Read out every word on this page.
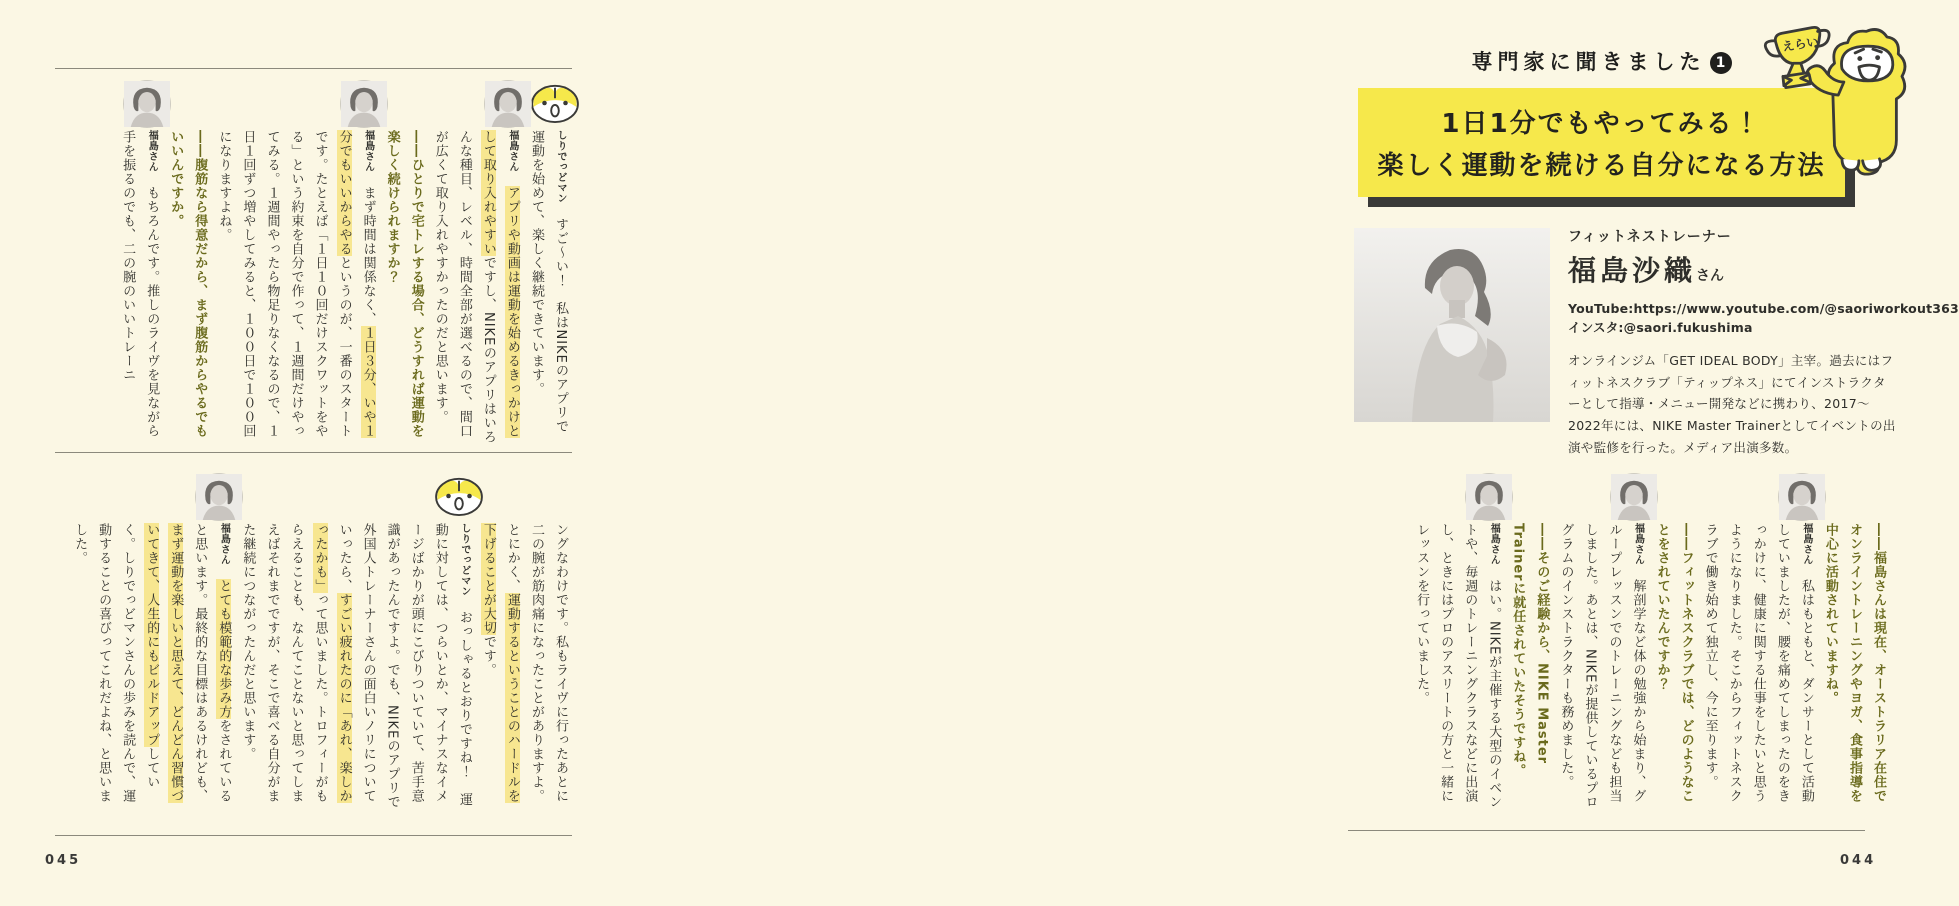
しりでっどマン　すご〜い！　私はNIKEのアプリで運動を始めて、楽しく継続できています。

福島さん　アプリや動画は運動を始めるきっかけとして取り入れやすいですし、NIKEのアプリはいろんな種目、レベル、時間全部が選べるので、間口が広くて取り入れやすかったのだと思います。

――ひとりで宅トレする場合、どうすれば運動を楽しく続けられますか？

福島さん　まず時間は関係なく、１日３分、いや１分でもいいからやるというのが、一番のスタートです。たとえば「１日１０回だけスクワットをやる」という約束を自分で作って、１週間だけやってみる。１週間やったら物足りなくなるので、１日１回ずつ増やしてみると、１００日で１００回になりますよね。

――腹筋なら得意だから、まず腹筋からやるでもいいんですか。

福島さん　もちろんです。推しのライヴを見ながら手を振るのでも、二の腕のいいトレーニ

ングなわけです。私もライヴに行ったあとに二の腕が筋肉痛になったことがありますよ。とにかく、運動するということのハードルを下げることが大切です。

しりでっどマン　おっしゃるとおりですね！　運動に対しては、つらいとか、マイナスなイメージばかりが頭にこびりついていて、苦手意識があったんですよ。でも、NIKEのアプリで外国人トレーナーさんの面白いノリについていったら、すごい疲れたのに「あれ、楽しかったかも」って思いました。トロフィーがもらえることも、なんてことないと思ってしまえばそれまでですが、そこで喜べる自分がまた継続につながったんだと思います。

福島さん　とても模範的な歩み方をされていると思います。最終的な目標はあるけれども、まず運動を楽しいと思えて、どんどん習慣づいてきて、人生的にもビルドアップしていく。しりでっどマンさんの歩みを読んで、運動することの喜びってこれだよね、と思いました。

045
専門家に聞きました 1
1日1分でもやってみる！
楽しく運動を続ける自分になる方法
えらい
フィットネストレーナー
福島沙織さん
YouTube:https://www.youtube.com/@saoriworkout363
インスタ:@saori.fukushima
オンラインジム「GET IDEAL BODY」主宰。過去にはフィットネスクラブ「ティップネス」にてインストラクターとして指導・メニュー開発などに携わり、2017〜2022年には、NIKE Master Trainerとしてイベントの出演や監修を行った。メディア出演多数。

――福島さんは現在、オーストラリア在住でオンライントレーニングやヨガ、食事指導を中心に活動されていますね。

福島さん　私はもともと、ダンサーとして活動していましたが、腰を痛めてしまったのをきっかけに、健康に関する仕事をしたいと思うようになりました。そこからフィットネスクラブで働き始めて独立し、今に至ります。

――フィットネスクラブでは、どのようなことをされていたんですか？

福島さん　解剖学など体の勉強から始まり、グループレッスンでのトレーニングなども担当しました。あとは、NIKEが提供しているプログラムのインストラクターも務めました。

――そのご経験から、NIKE Master Trainerに就任されていたそうですね。

福島さん　はい。NIKEが主催する大型のイベントや、毎週のトレーニングクラスなどに出演し、ときにはプロのアスリートの方と一緒にレッスンを行っていました。

044
